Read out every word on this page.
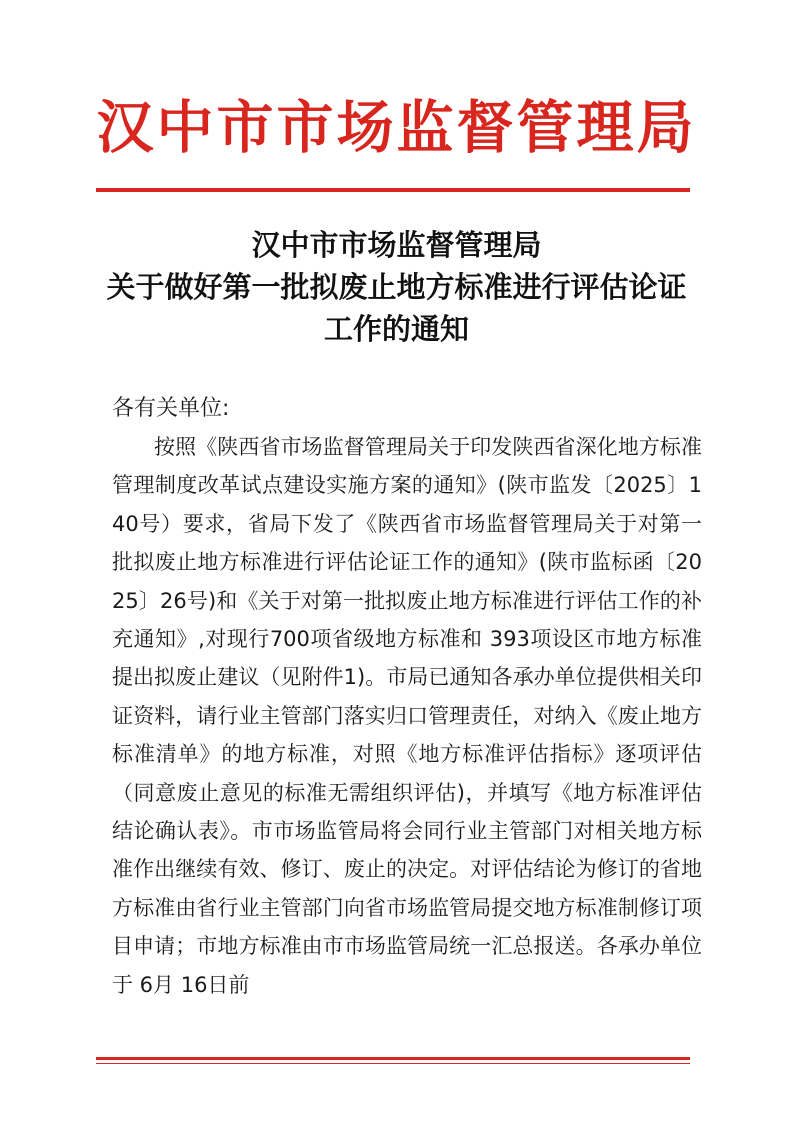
汉中市市场监督管理局
汉中市市场监督管理局
关于做好第一批拟废止地方标准进行评估论证
工作的通知
各有关单位:

按照《陕西省市场监督管理局关于印发陕西省深化地方标准管理制度改革试点建设实施方案的通知》(陕市监发〔2025〕140号）要求，省局下发了《陕西省市场监督管理局关于对第一批拟废止地方标准进行评估论证工作的通知》(陕市监标函〔2025〕26号)和《关于对第一批拟废止地方标准进行评估工作的补充通知》,对现行700项省级地方标准和 393项设区市地方标准提出拟废止建议（见附件1)。市局已通知各承办单位提供相关印证资料，请行业主管部门落实归口管理责任，对纳入《废止地方标准清单》的地方标准，对照《地方标准评估指标》逐项评估（同意废止意见的标准无需组织评估)，并填写《地方标准评估结论确认表》。市市场监管局将会同行业主管部门对相关地方标准作出继续有效、修订、废止的决定。对评估结论为修订的省地方标准由省行业主管部门向省市场监管局提交地方标准制修订项目申请；市地方标准由市市场监管局统一汇总报送。各承办单位于 6月 16日前
